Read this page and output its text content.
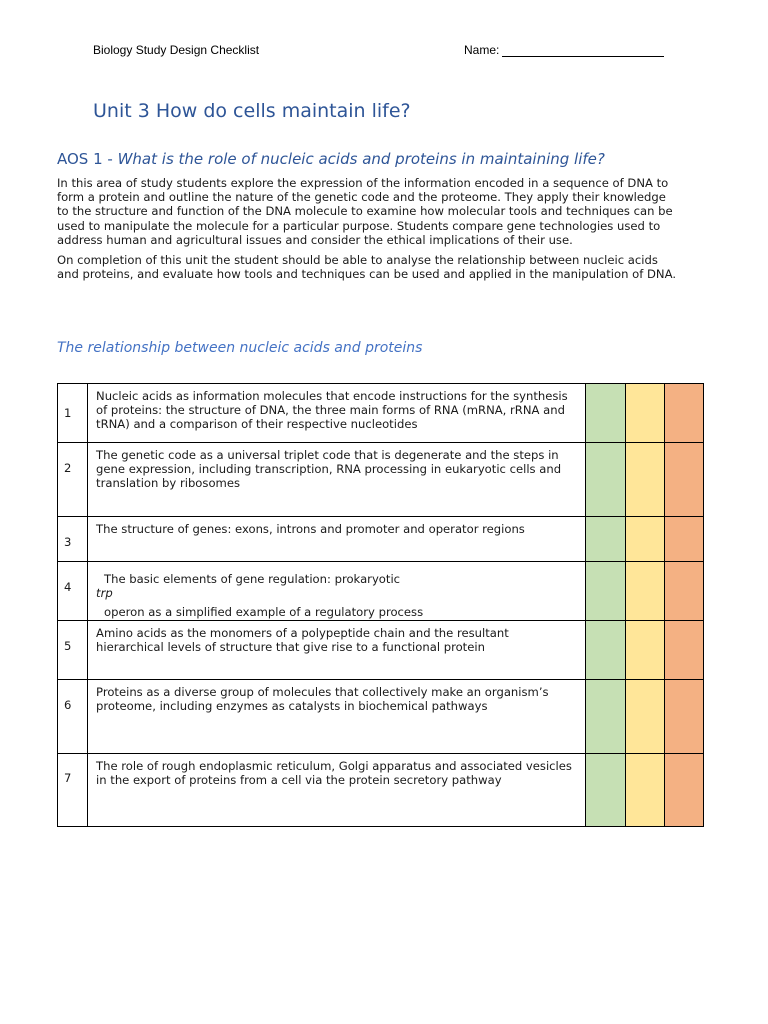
Biology Study Design Checklist	Name:
Unit 3 How do cells maintain life?
AOS 1 - What is the role of nucleic acids and proteins in maintaining life?

In this area of study students explore the expression of the information encoded in a sequence of DNA to form a protein and outline the nature of the genetic code and the proteome. They apply their knowledge to the structure and function of the DNA molecule to examine how molecular tools and techniques can be used to manipulate the molecule for a particular purpose. Students compare gene technologies used to address human and agricultural issues and consider the ethical implications of their use.

On completion of this unit the student should be able to analyse the relationship between nucleic acids and proteins, and evaluate how tools and techniques can be used and applied in the manipulation of DNA.

The relationship between nucleic acids and proteins
1	Nucleic acids as information molecules that encode instructions for the synthesis of proteins: the structure of DNA, the three main forms of RNA (mRNA, rRNA and tRNA) and a comparison of their respective nucleotides			

2	The genetic code as a universal triplet code that is degenerate and the steps in gene expression, including transcription, RNA processing in eukaryotic cells and translation by ribosomes			

3	The structure of genes: exons, introns and promoter and operator regions			

4	The basic elements of gene regulation: prokaryotic
trp
operon as a simplified example of a regulatory process			

5	Amino acids as the monomers of a polypeptide chain and the resultant hierarchical levels of structure that give rise to a functional protein			

6	Proteins as a diverse group of molecules that collectively make an organism’s proteome, including enzymes as catalysts in biochemical pathways			

7	The role of rough endoplasmic reticulum, Golgi apparatus and associated vesicles in the export of proteins from a cell via the protein secretory pathway			
